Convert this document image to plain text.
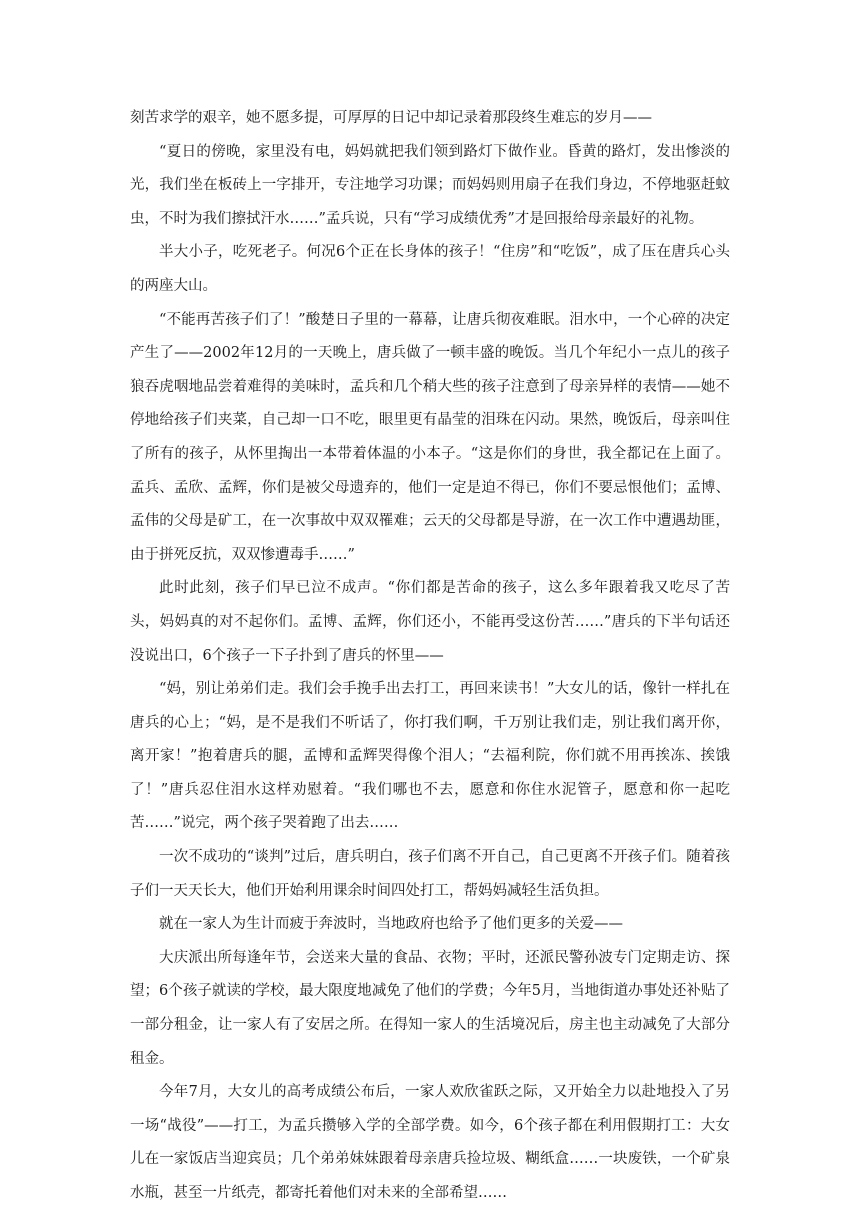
刻苦求学的艰辛，她不愿多提，可厚厚的日记中却记录着那段终生难忘的岁月——

“夏日的傍晚，家里没有电，妈妈就把我们领到路灯下做作业。昏黄的路灯，发出惨淡的光，我们坐在板砖上一字排开，专注地学习功课；而妈妈则用扇子在我们身边，不停地驱赶蚊虫，不时为我们擦拭汗水……”孟兵说，只有“学习成绩优秀”才是回报给母亲最好的礼物。

半大小子，吃死老子。何况6个正在长身体的孩子！“住房”和“吃饭”，成了压在唐兵心头的两座大山。

“不能再苦孩子们了！”酸楚日子里的一幕幕，让唐兵彻夜难眠。泪水中，一个心碎的决定产生了——2002年12月的一天晚上，唐兵做了一顿丰盛的晚饭。当几个年纪小一点儿的孩子狼吞虎咽地品尝着难得的美味时，孟兵和几个稍大些的孩子注意到了母亲异样的表情——她不停地给孩子们夹菜，自己却一口不吃，眼里更有晶莹的泪珠在闪动。果然，晚饭后，母亲叫住了所有的孩子，从怀里掏出一本带着体温的小本子。“这是你们的身世，我全都记在上面了。孟兵、孟欣、孟辉，你们是被父母遗弃的，他们一定是迫不得已，你们不要忌恨他们；孟博、孟伟的父母是矿工，在一次事故中双双罹难；云天的父母都是导游，在一次工作中遭遇劫匪，由于拼死反抗，双双惨遭毒手……”

此时此刻，孩子们早已泣不成声。“你们都是苦命的孩子，这么多年跟着我又吃尽了苦头，妈妈真的对不起你们。孟博、孟辉，你们还小，不能再受这份苦……”唐兵的下半句话还没说出口，6个孩子一下子扑到了唐兵的怀里——

“妈，别让弟弟们走。我们会手挽手出去打工，再回来读书！”大女儿的话，像针一样扎在唐兵的心上；“妈，是不是我们不听话了，你打我们啊，千万别让我们走，别让我们离开你，离开家！”抱着唐兵的腿，孟博和孟辉哭得像个泪人；“去福利院，你们就不用再挨冻、挨饿了！”唐兵忍住泪水这样劝慰着。“我们哪也不去，愿意和你住水泥管子，愿意和你一起吃苦……”说完，两个孩子哭着跑了出去……

一次不成功的“谈判”过后，唐兵明白，孩子们离不开自己，自己更离不开孩子们。随着孩子们一天天长大，他们开始利用课余时间四处打工，帮妈妈减轻生活负担。

就在一家人为生计而疲于奔波时，当地政府也给予了他们更多的关爱——

大庆派出所每逢年节，会送来大量的食品、衣物；平时，还派民警孙波专门定期走访、探望；6个孩子就读的学校，最大限度地减免了他们的学费；今年5月，当地街道办事处还补贴了一部分租金，让一家人有了安居之所。在得知一家人的生活境况后，房主也主动减免了大部分租金。

今年7月，大女儿的高考成绩公布后，一家人欢欣雀跃之际，又开始全力以赴地投入了另一场“战役”——打工，为孟兵攒够入学的全部学费。如今，6个孩子都在利用假期打工：大女儿在一家饭店当迎宾员；几个弟弟妹妹跟着母亲唐兵捡垃圾、糊纸盒……一块废铁，一个矿泉水瓶，甚至一片纸壳，都寄托着他们对未来的全部希望……
